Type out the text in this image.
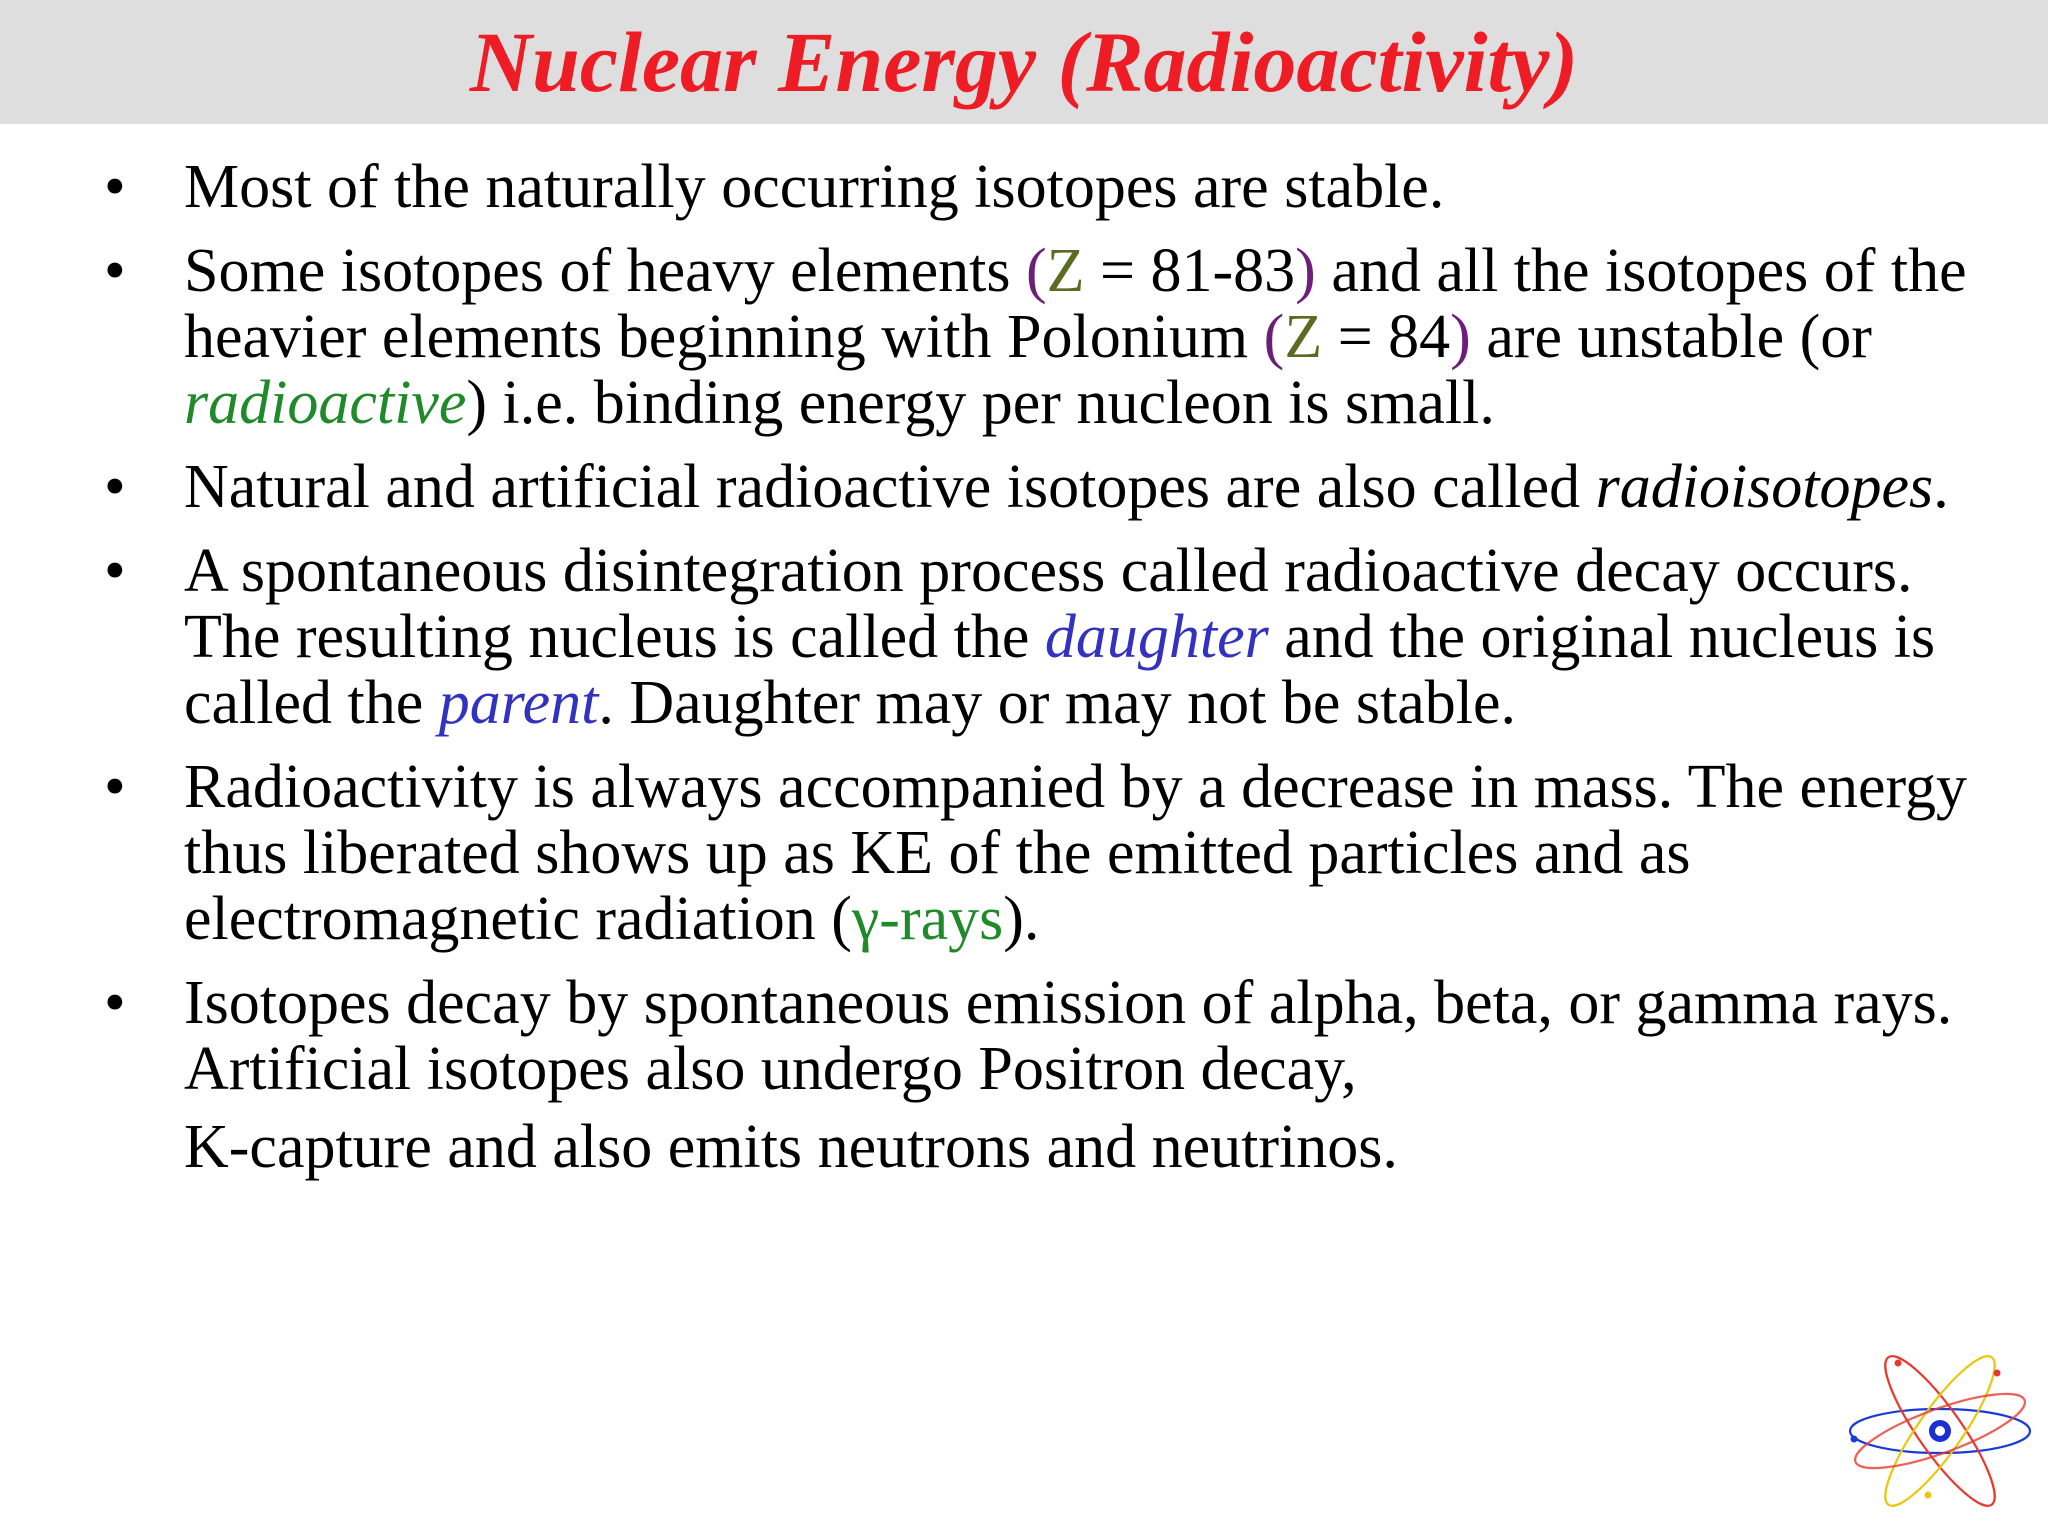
Nuclear Energy (Radioactivity)
• Most of the naturally occurring isotopes are stable.
• Some isotopes of heavy elements (Z = 81-83) and all the isotopes of the heavier elements beginning with Polonium (Z = 84) are unstable (or radioactive) i.e. binding energy per nucleon is small.
• Natural and artificial radioactive isotopes are also called radioisotopes.
• A spontaneous disintegration process called radioactive decay occurs. The resulting nucleus is called the daughter and the original nucleus is called the parent. Daughter may or may not be stable.
• Radioactivity is always accompanied by a decrease in mass. The energy thus liberated shows up as KE of the emitted particles and as electromagnetic radiation (γ-rays).
• Isotopes decay by spontaneous emission of alpha, beta, or gamma rays. Artificial isotopes also undergo Positron decay,
K-capture and also emits neutrons and neutrinos.
